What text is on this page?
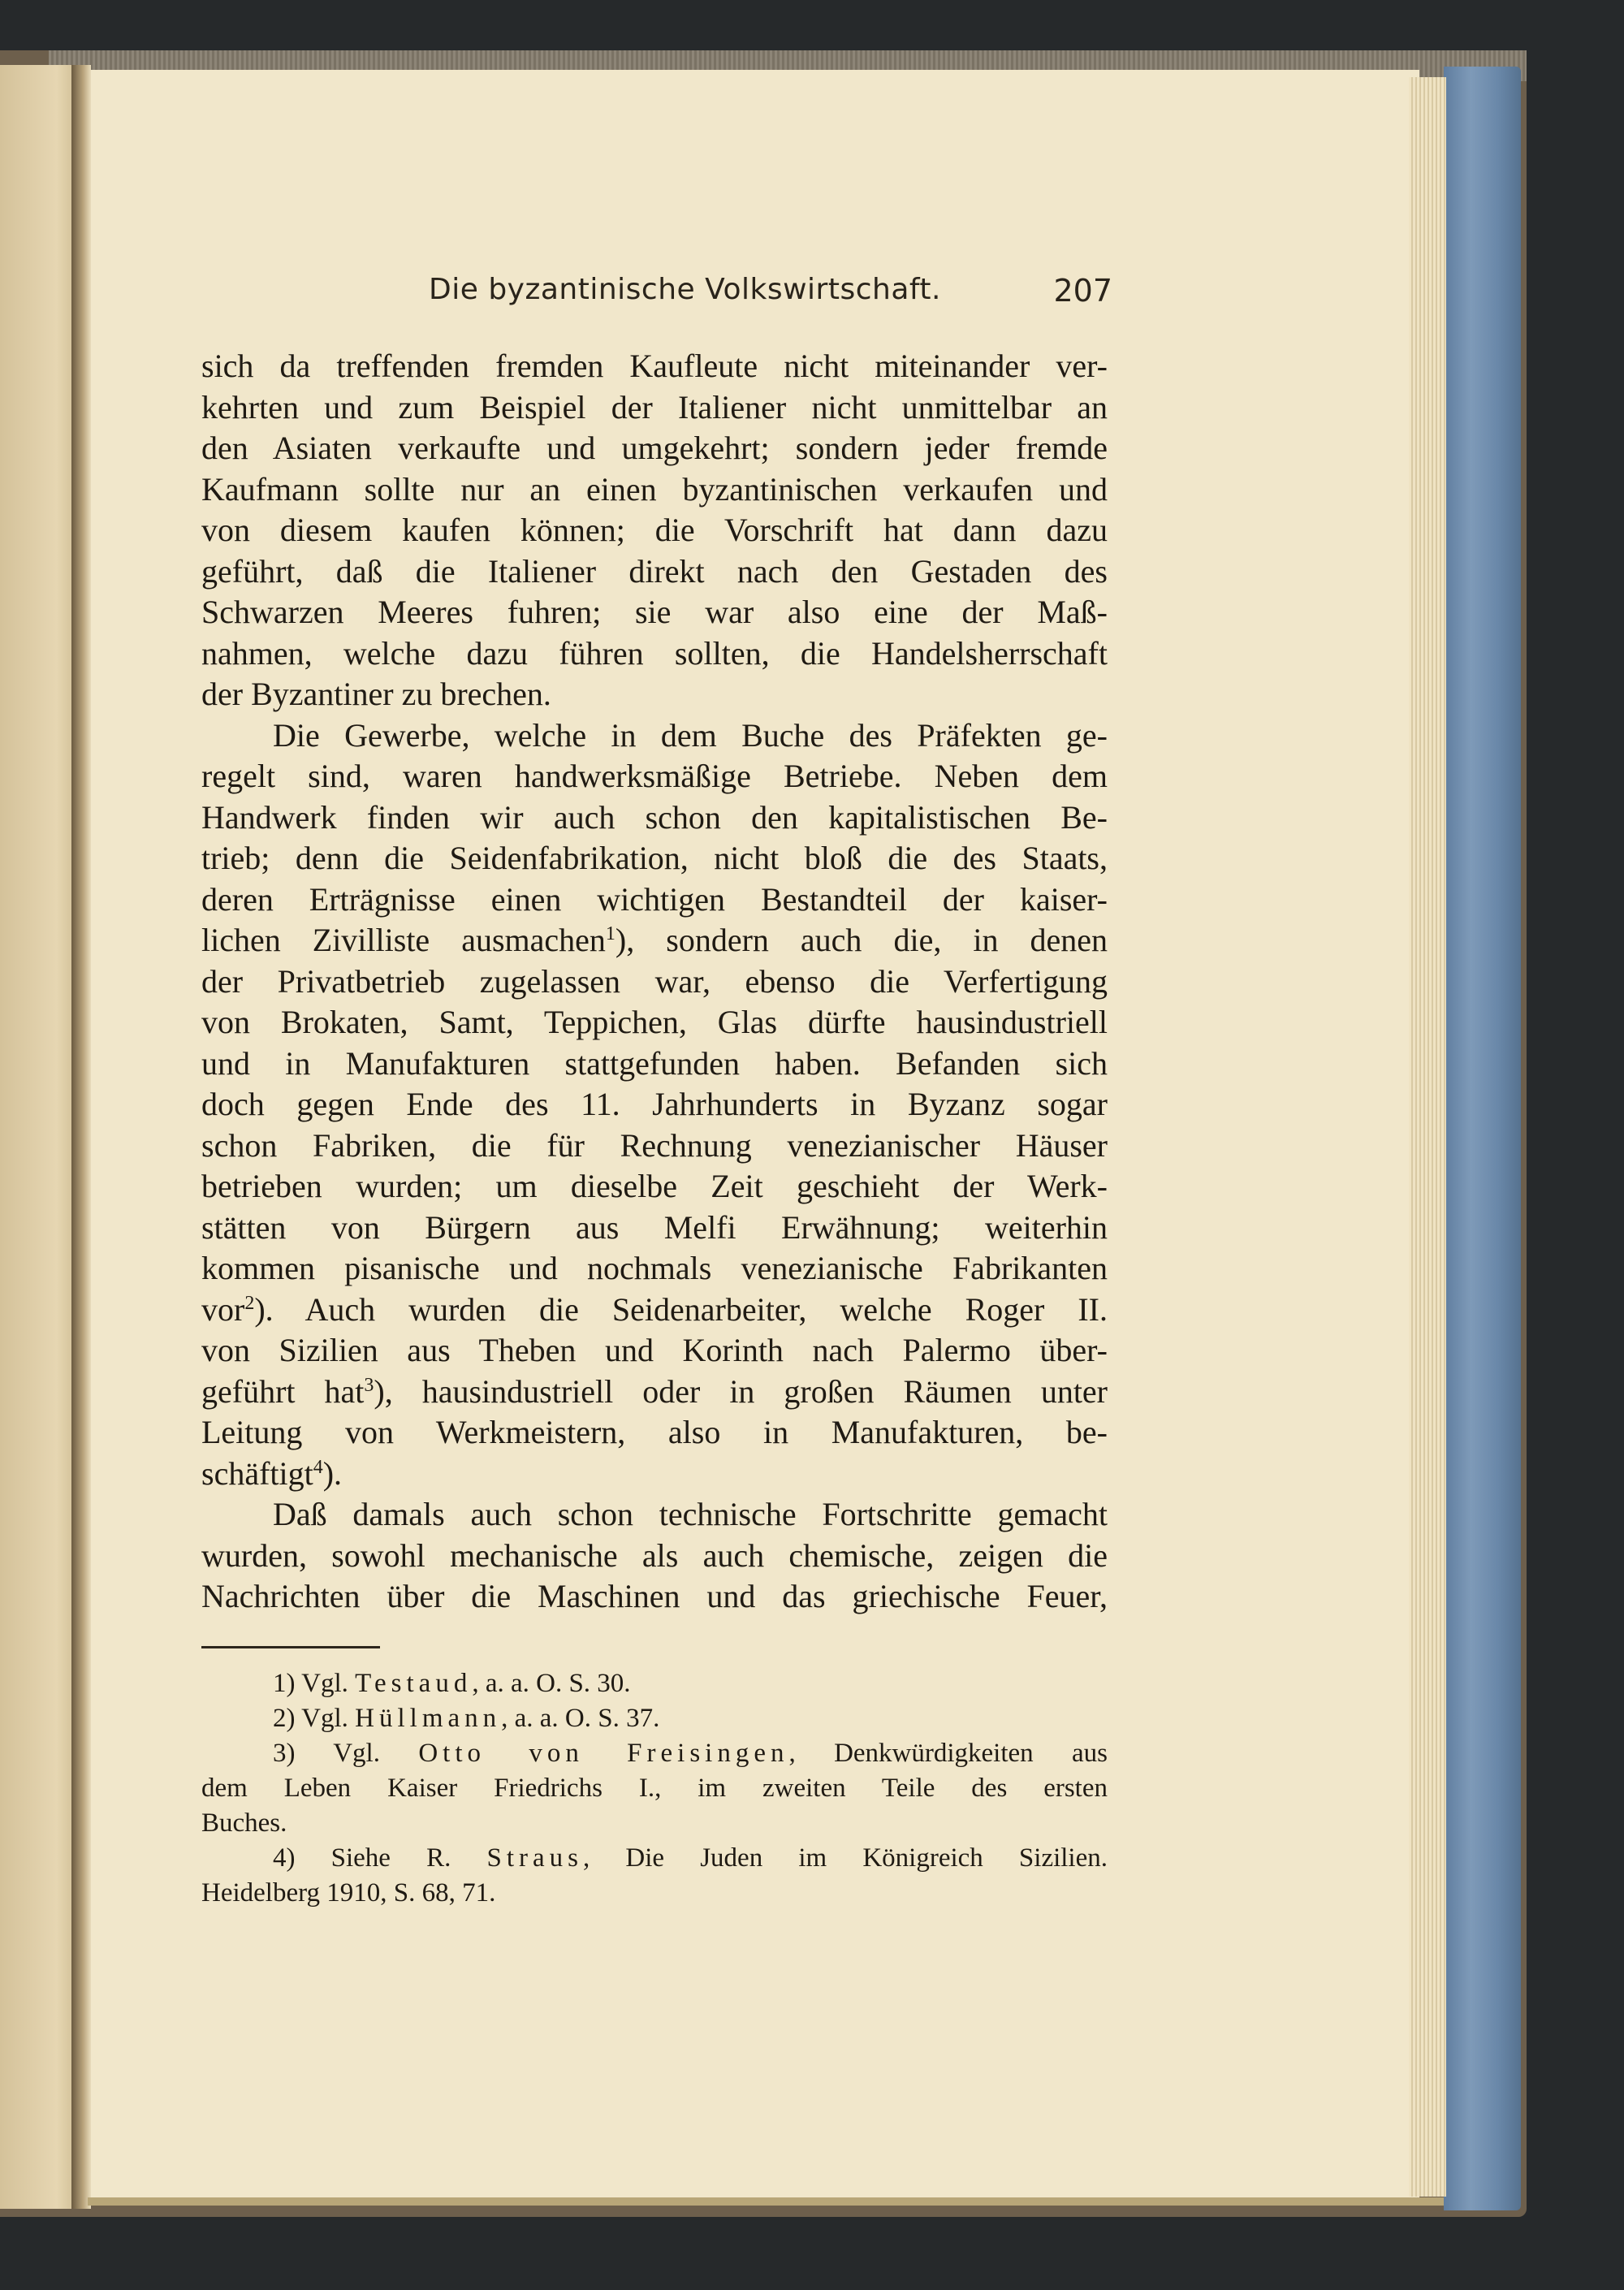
Die byzantinische Volkswirtschaft.	207
sich da treffenden fremden Kaufleute nicht miteinander ver-
kehrten und zum Beispiel der Italiener nicht unmittelbar an
den Asiaten verkaufte und umgekehrt; sondern jeder fremde
Kaufmann sollte nur an einen byzantinischen verkaufen und
von diesem kaufen können; die Vorschrift hat dann dazu
geführt, daß die Italiener direkt nach den Gestaden des
Schwarzen Meeres fuhren; sie war also eine der Maß-
nahmen, welche dazu führen sollten, die Handelsherrschaft
der Byzantiner zu brechen.
Die Gewerbe, welche in dem Buche des Präfekten ge-
regelt sind, waren handwerksmäßige Betriebe. Neben dem
Handwerk finden wir auch schon den kapitalistischen Be-
trieb; denn die Seidenfabrikation, nicht bloß die des Staats,
deren Erträgnisse einen wichtigen Bestandteil der kaiser-
lichen Zivilliste ausmachen$^1$), sondern auch die, in denen
der Privatbetrieb zugelassen war, ebenso die Verfertigung
von Brokaten, Samt, Teppichen, Glas dürfte hausindustriell
und in Manufakturen stattgefunden haben. Befanden sich
doch gegen Ende des 11. Jahrhunderts in Byzanz sogar
schon Fabriken, die für Rechnung venezianischer Häuser
betrieben wurden; um dieselbe Zeit geschieht der Werk-
stätten von Bürgern aus Melfi Erwähnung; weiterhin
kommen pisanische und nochmals venezianische Fabrikanten
vor$^2$). Auch wurden die Seidenarbeiter, welche Roger II.
von Sizilien aus Theben und Korinth nach Palermo über-
geführt hat$^3$), hausindustriell oder in großen Räumen unter
Leitung von Werkmeistern, also in Manufakturen, be-
schäftigt$^4$).
Daß damals auch schon technische Fortschritte gemacht
wurden, sowohl mechanische als auch chemische, zeigen die
Nachrichten über die Maschinen und das griechische Feuer,
1) Vgl. Testaud, a. a. O. S. 30.
2) Vgl. Hüllmann, a. a. O. S. 37.
3) Vgl. Otto von Freisingen, Denkwürdigkeiten aus
dem Leben Kaiser Friedrichs I., im zweiten Teile des ersten
Buches.
4) Siehe R. Straus, Die Juden im Königreich Sizilien.
Heidelberg 1910, S. 68, 71.
